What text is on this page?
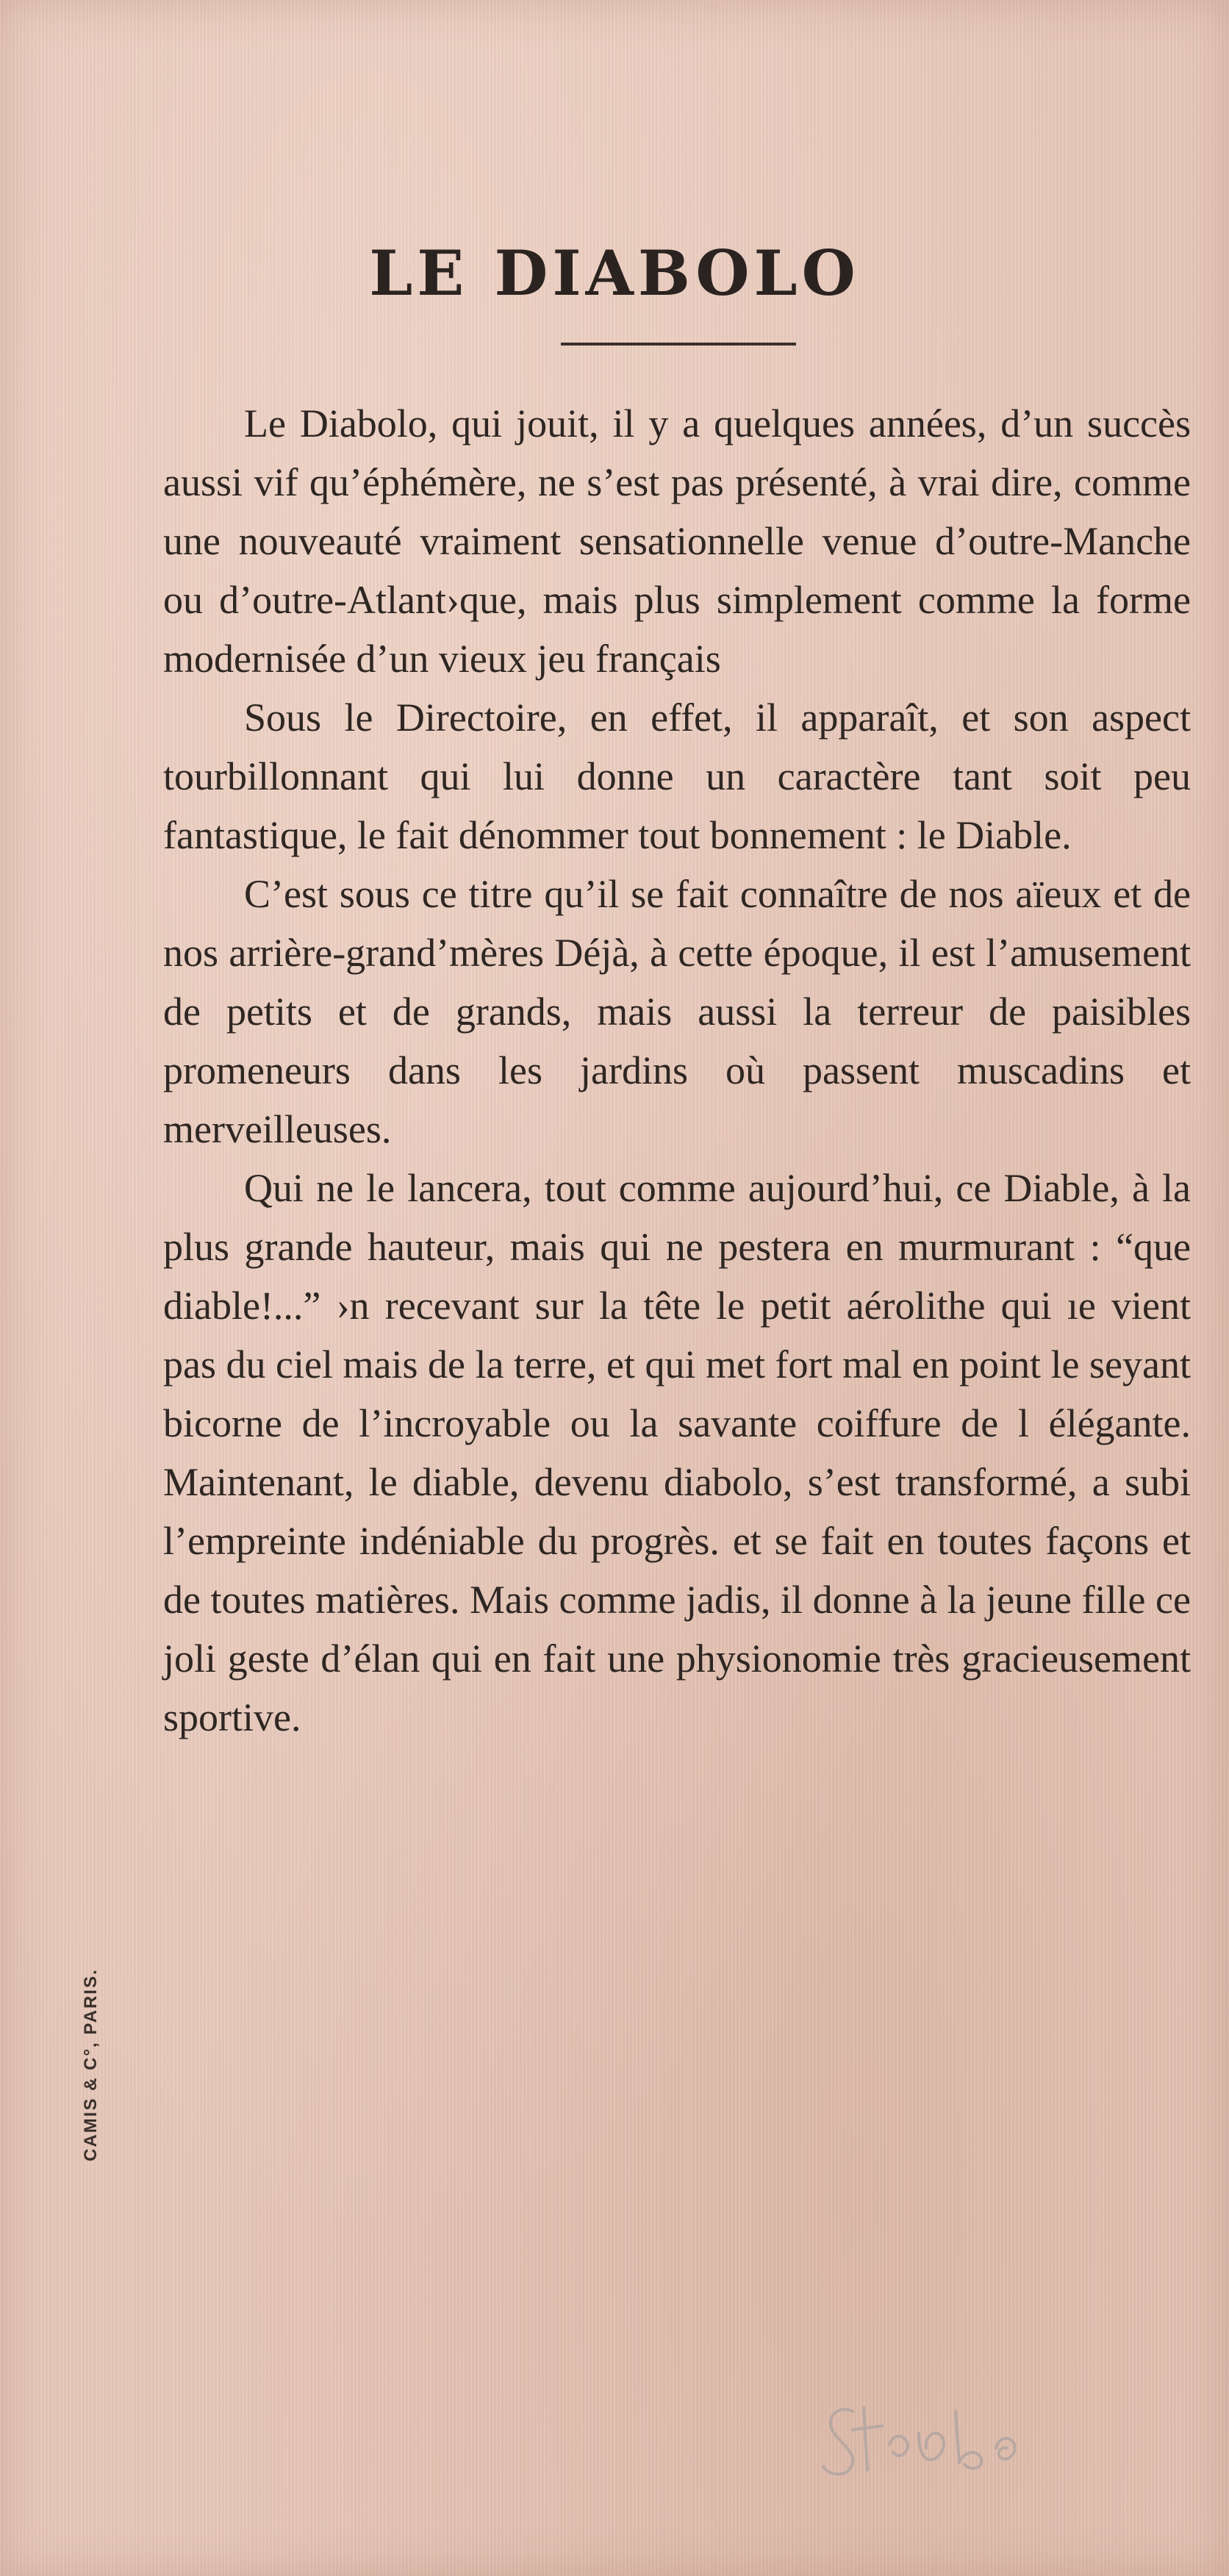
LE DIABOLO

Le Diabolo, qui jouit, il y a quelques années, d’un succès aussi vif qu’éphémère, ne s’est pas présenté, à vrai dire, comme une nouveauté vraiment sensationnelle venue d’outre-Manche ou d’outre-Atlant›que, mais plus simplement comme la forme modernisée d’un vieux jeu français

Sous le Directoire, en effet, il apparaît, et son aspect tourbillonnant qui lui donne un caractère tant soit peu fantastique, le fait dénommer tout bonnement : le Diable.

C’est sous ce titre qu’il se fait connaître de nos aïeux et de nos arrière-grand’mères Déjà, à cette époque, il est l’amusement de petits et de grands, mais aussi la terreur de paisibles promeneurs dans les jardins où passent muscadins et merveilleuses.

Qui ne le lancera, tout comme aujourd’hui, ce Diable, à la plus grande hauteur, mais qui ne pestera en murmurant : “que diable!...” ›n recevant sur la tête le petit aérolithe qui ıe vient pas du ciel mais de la terre, et qui met fort mal en point le seyant bicorne de l’incroyable ou la savante coiffure de l élégante. Maintenant, le diable, devenu diabolo, s’est transformé, a subi l’empreinte indéniable du progrès. et se fait en toutes façons et de toutes matières. Mais comme jadis, il donne à la jeune fille ce joli geste d’élan qui en fait une physionomie très gracieusement sportive.

CAMIS & C°, PARIS.
